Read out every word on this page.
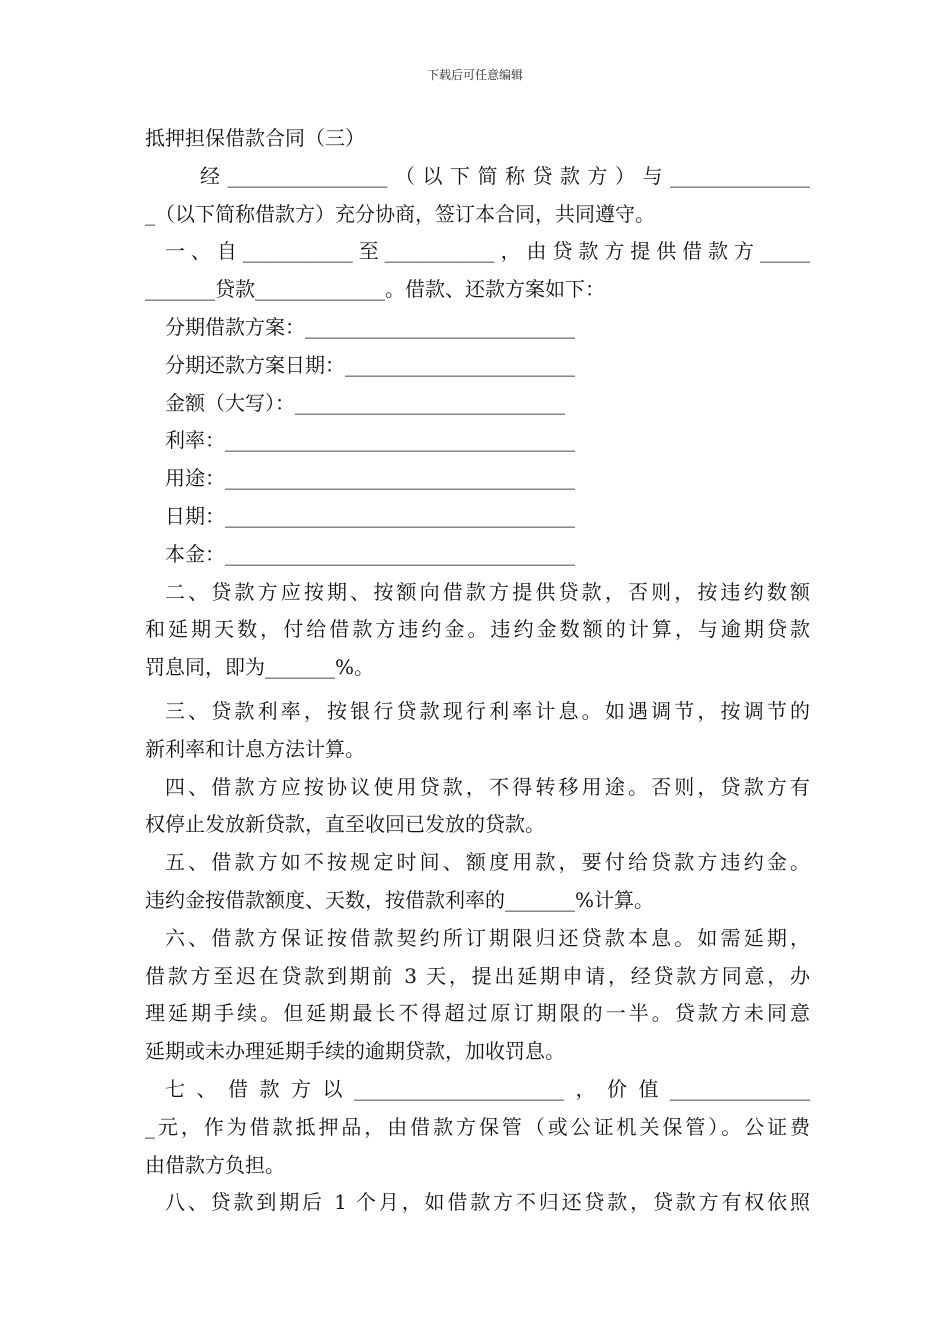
下载后可任意编辑
抵押担保借款合同（三）
　　经________________（以下简称贷款方）与______________
_（以下简称借款方）充分协商，签订本合同，共同遵守。
一、自___________至___________，由贷款方提供借款方_____
_______贷款_____________。借款、还款方案如下：
分期借款方案：___________________________
分期还款方案日期：_______________________
金额（大写）：___________________________
利率：___________________________________
用途：___________________________________
日期：___________________________________
本金：___________________________________
二、贷款方应按期、按额向借款方提供贷款，否则，按违约数额
和延期天数，付给借款方违约金。违约金数额的计算，与逾期贷款
罚息同，即为_______%。
三、贷款利率，按银行贷款现行利率计息。如遇调节，按调节的
新利率和计息方法计算。
四、借款方应按协议使用贷款，不得转移用途。否则，贷款方有
权停止发放新贷款，直至收回已发放的贷款。
五、借款方如不按规定时间、额度用款，要付给贷款方违约金。
违约金按借款额度、天数，按借款利率的_______%计算。
六、借款方保证按借款契约所订期限归还贷款本息。如需延期，
借款方至迟在贷款到期前 3 天，提出延期申请，经贷款方同意，办
理延期手续。但延期最长不得超过原订期限的一半。贷款方未同意
延期或未办理延期手续的逾期贷款，加收罚息。
七、借款方以_____________________，价值______________
_元，作为借款抵押品，由借款方保管（或公证机关保管）。公证费
由借款方负担。
八、贷款到期后 1 个月，如借款方不归还贷款，贷款方有权依照
